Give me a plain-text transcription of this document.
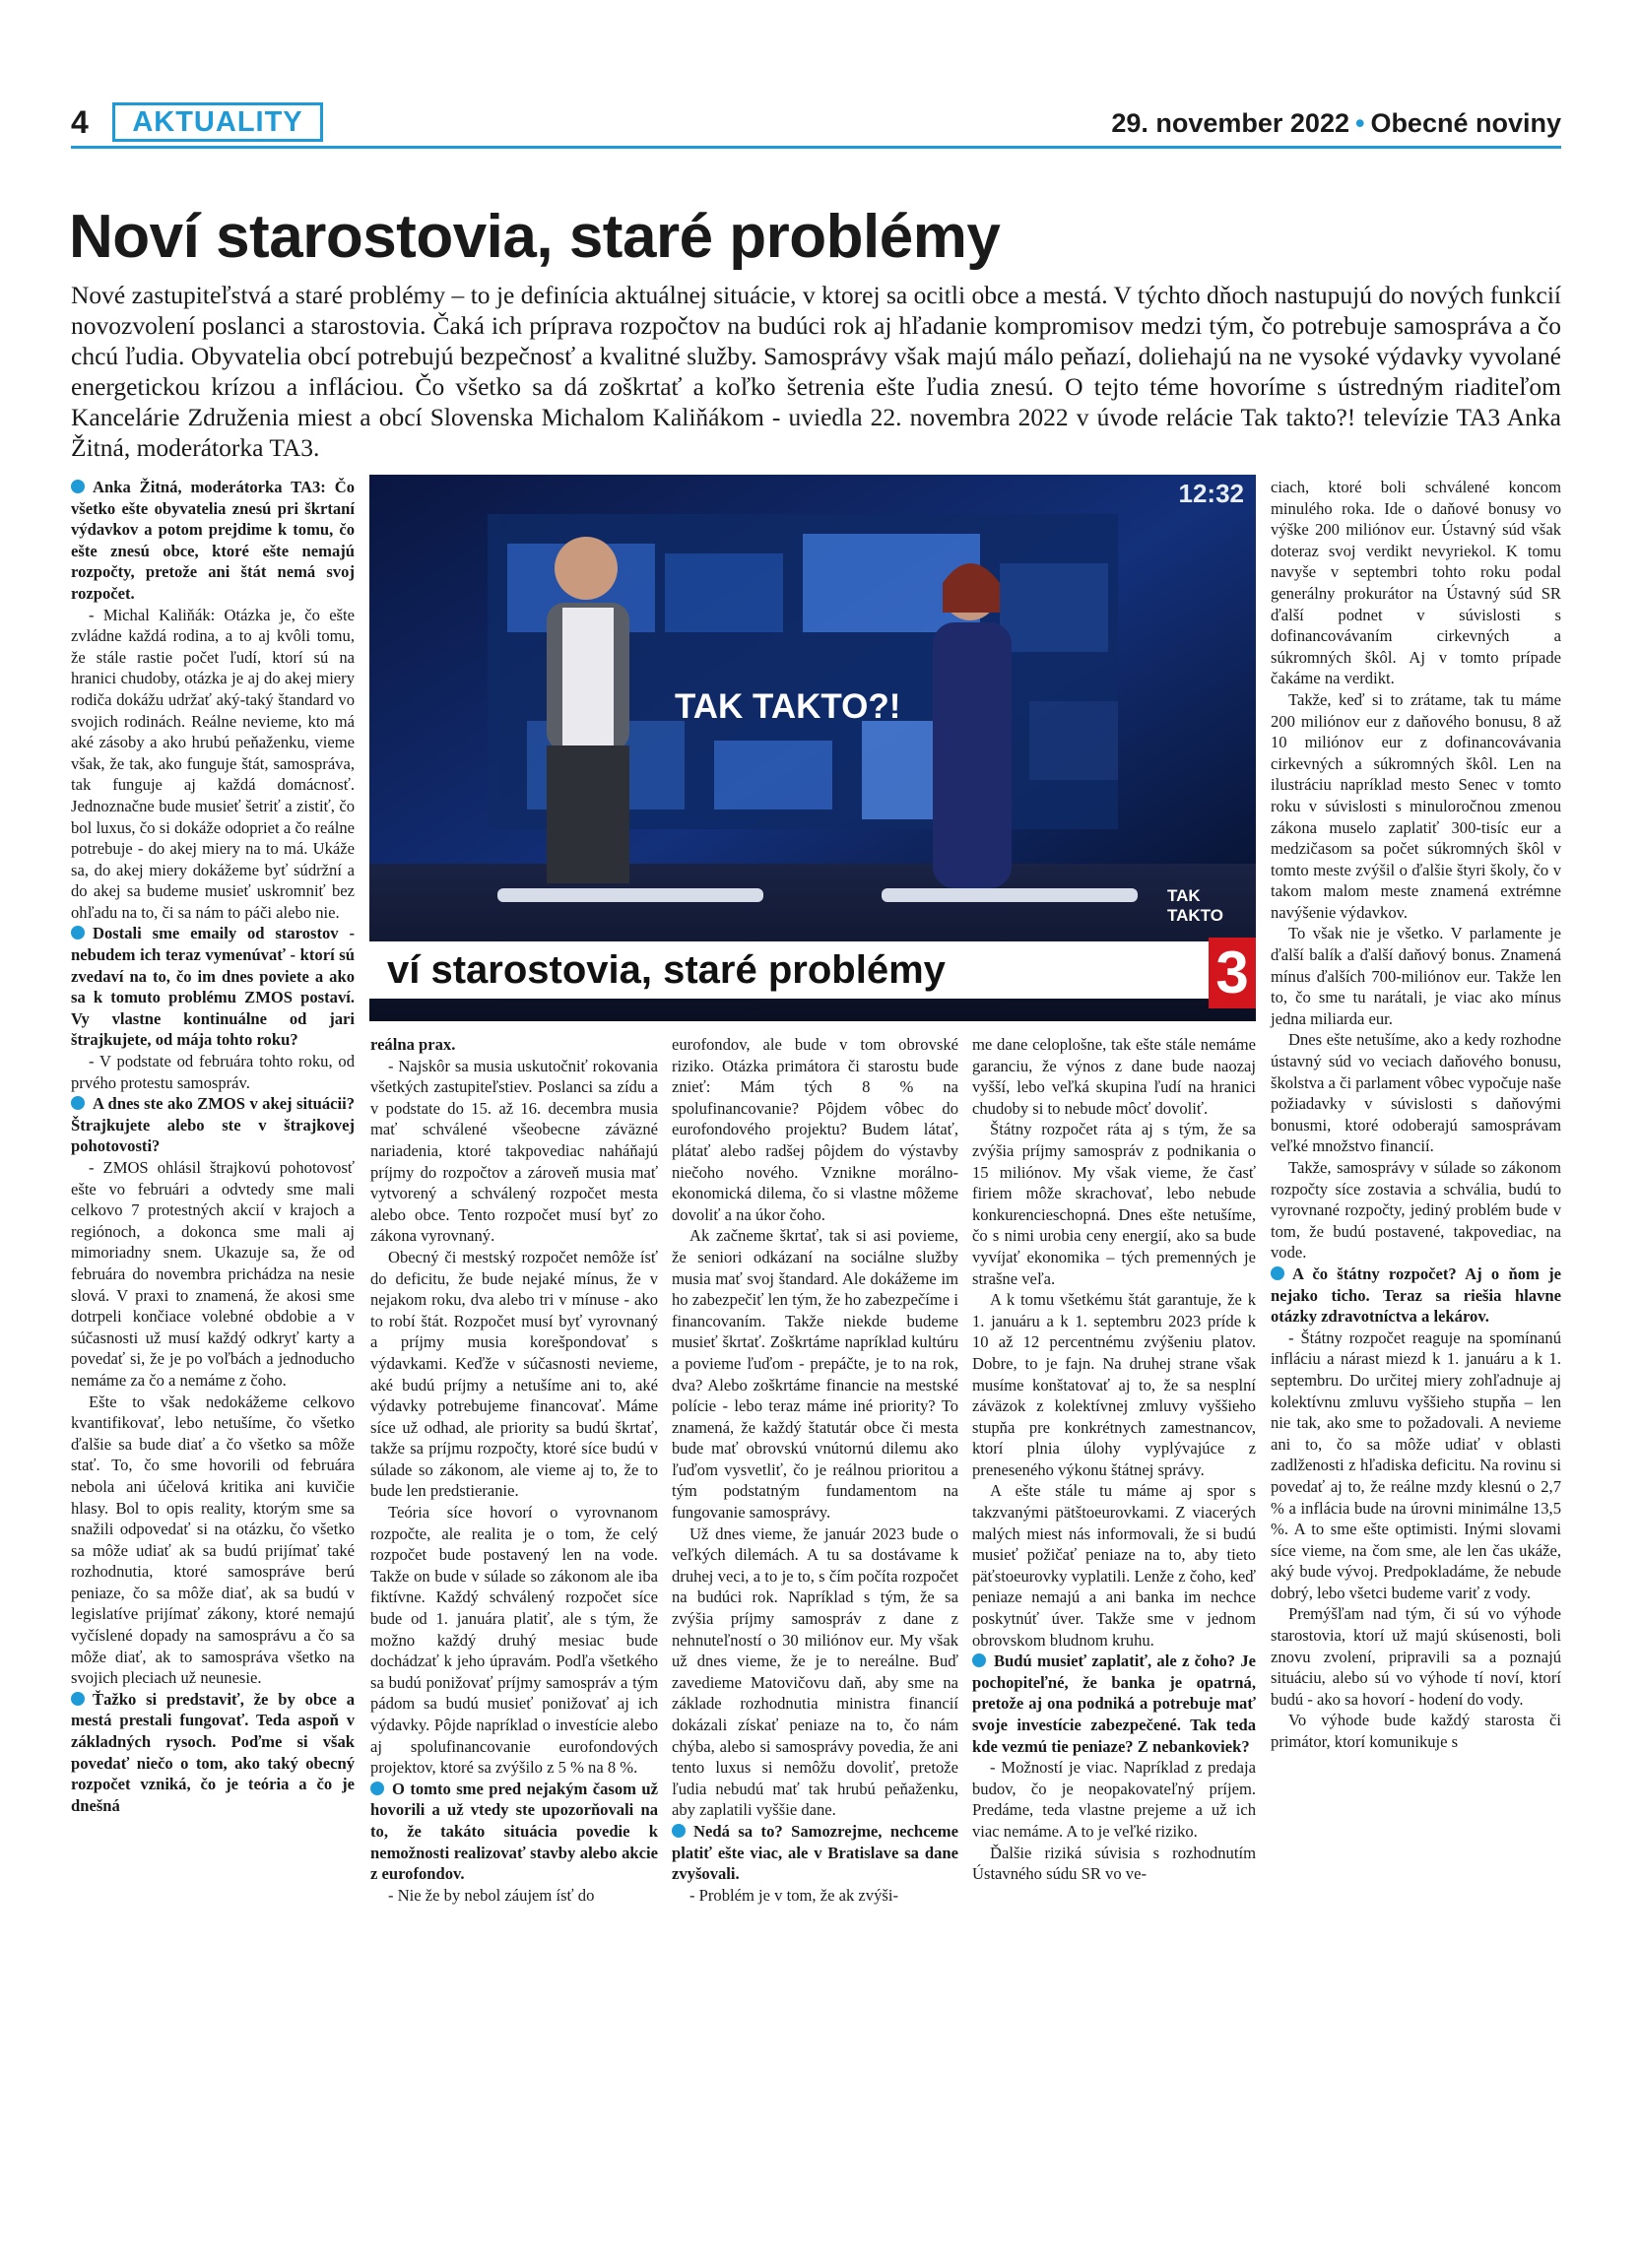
4	AKTUALITY	29. november 2022 • Obecné noviny
Noví starostovia, staré problémy
Nové zastupiteľstvá a staré problémy – to je definícia aktuálnej situácie, v ktorej sa ocitli obce a mestá. V týchto dňoch nastupujú do nových funkcií novozvolení poslanci a starostovia. Čaká ich príprava rozpočtov na budúci rok aj hľadanie kompromisov medzi tým, čo potrebuje samospráva a čo chcú ľudia. Obyvatelia obcí potrebujú bezpečnosť a kvalitné služby. Samosprávy však majú málo peňazí, doliehajú na ne vysoké výdavky vyvolané energetickou krízou a infláciou. Čo všetko sa dá zoškrtať a koľko šetrenia ešte ľudia znesú. O tejto téme hovoríme s ústredným riaditeľom Kancelárie Združenia miest a obcí Slovenska Michalom Kaliňákom - uviedla 22. novembra 2022 v úvode relácie Tak takto?! televízie TA3 Anka Žitná, moderátorka TA3.
12:32
TAK TAKTO?!
TAK TAKTO
ví starostovia, staré problémy	3

Anka Žitná, moderátorka TA3: Čo všetko ešte obyvatelia znesú pri škrtaní výdavkov a potom prejdime k tomu, čo ešte znesú obce, ktoré ešte nemajú rozpočty, pretože ani štát nemá svoj rozpočet.

- Michal Kaliňák: Otázka je, čo ešte zvládne každá rodina, a to aj kvôli tomu, že stále rastie počet ľudí, ktorí sú na hranici chudoby, otázka je aj do akej miery rodiča dokážu udržať aký-taký štandard vo svojich rodinách. Reálne nevieme, kto má aké zásoby a ako hrubú peňaženku, vieme však, že tak, ako funguje štát, samospráva, tak funguje aj každá domácnosť. Jednoznačne bude musieť šetriť a zistiť, čo bol luxus, čo si dokáže odopriet a čo reálne potrebuje - do akej miery na to má. Ukáže sa, do akej miery dokážeme byť súdržní a do akej sa budeme musieť uskromniť bez ohľadu na to, či sa nám to páči alebo nie.

Dostali sme emaily od starostov - nebudem ich teraz vymenúvať - ktorí sú zvedaví na to, čo im dnes poviete a ako sa k tomuto problému ZMOS postaví. Vy vlastne kontinuálne od jari štrajkujete, od mája tohto roku?

- V podstate od februára tohto roku, od prvého protestu samospráv.

A dnes ste ako ZMOS v akej situácii? Štrajkujete alebo ste v štrajkovej pohotovosti?

- ZMOS ohlásil štrajkovú pohotovosť ešte vo februári a odvtedy sme mali celkovo 7 protestných akcií v krajoch a regiónoch, a dokonca sme mali aj mimoriadny snem. Ukazuje sa, že od februára do novembra prichádza na nesie slová. V praxi to znamená, že akosi sme dotrpeli končiace volebné obdobie a v súčasnosti už musí každý odkryť karty a povedať si, že je po voľbách a jednoducho nemáme za čo a nemáme z čoho.

Ešte to však nedokážeme celkovo kvantifikovať, lebo netušíme, čo všetko ďalšie sa bude diať a čo všetko sa môže stať. To, čo sme hovorili od februára nebola ani účelová kritika ani kuvičie hlasy. Bol to opis reality, ktorým sme sa snažili odpovedať si na otázku, čo všetko sa môže udiať ak sa budú prijímať také rozhodnutia, ktoré samospráve berú peniaze, čo sa môže diať, ak sa budú v legislatíve prijímať zákony, ktoré nemajú vyčíslené dopady na samosprávu a čo sa môže diať, ak to samospráva všetko na svojich pleciach už neunesie.

Ťažko si predstaviť, že by obce a mestá prestali fungovať. Teda aspoň v základných rysoch. Poďme si však povedať niečo o tom, ako taký obecný rozpočet vzniká, čo je teória a čo je dnešná

reálna prax.

- Najskôr sa musia uskutočniť rokovania všetkých zastupiteľstiev. Poslanci sa zídu a v podstate do 15. až 16. decembra musia mať schválené všeobecne záväzné nariadenia, ktoré takpovediac naháňajú príjmy do rozpočtov a zároveň musia mať vytvorený a schválený rozpočet mesta alebo obce. Tento rozpočet musí byť zo zákona vyrovnaný.

Obecný či mestský rozpočet nemôže ísť do deficitu, že bude nejaké mínus, že v nejakom roku, dva alebo tri v mínuse - ako to robí štát. Rozpočet musí byť vyrovnaný a príjmy musia korešpondovať s výdavkami. Keďže v súčasnosti nevieme, aké budú príjmy a netušíme ani to, aké výdavky potrebujeme financovať. Máme síce už odhad, ale priority sa budú škrtať, takže sa príjmu rozpočty, ktoré síce budú v súlade so zákonom, ale vieme aj to, že to bude len predstieranie.

Teória síce hovorí o vyrovnanom rozpočte, ale realita je o tom, že celý rozpočet bude postavený len na vode. Takže on bude v súlade so zákonom ale iba fiktívne. Každý schválený rozpočet síce bude od 1. januára platiť, ale s tým, že možno každý druhý mesiac bude dochádzať k jeho úpravám. Podľa všetkého sa budú ponižovať príjmy samospráv a tým pádom sa budú musieť ponižovať aj ich výdavky. Pôjde napríklad o investície alebo aj spolufinancovanie eurofondových projektov, ktoré sa zvýšilo z 5 % na 8 %.

O tomto sme pred nejakým časom už hovorili a už vtedy ste upozorňovali na to, že takáto situácia povedie k nemožnosti realizovať stavby alebo akcie z eurofondov.

- Nie že by nebol záujem ísť do

eurofondov, ale bude v tom obrovské riziko. Otázka primátora či starostu bude znieť: Mám tých 8 % na spolufinancovanie? Pôjdem vôbec do eurofondového projektu? Budem látať, plátať alebo radšej pôjdem do výstavby niečoho nového. Vznikne morálno-ekonomická dilema, čo si vlastne môžeme dovoliť a na úkor čoho.

Ak začneme škrtať, tak si asi povieme, že seniori odkázaní na sociálne služby musia mať svoj štandard. Ale dokážeme im ho zabezpečiť len tým, že ho zabezpečíme i financovaním. Takže niekde budeme musieť škrtať. Zoškrtáme napríklad kultúru a povieme ľuďom - prepáčte, je to na rok, dva? Alebo zoškrtáme financie na mestské polície - lebo teraz máme iné priority? To znamená, že každý štatutár obce či mesta bude mať obrovskú vnútornú dilemu ako ľuďom vysvetliť, čo je reálnou prioritou a tým podstatným fundamentom na fungovanie samosprávy.

Už dnes vieme, že január 2023 bude o veľkých dilemách. A tu sa dostávame k druhej veci, a to je to, s čím počíta rozpočet na budúci rok. Napríklad s tým, že sa zvýšia príjmy samospráv z dane z nehnuteľností o 30 miliónov eur. My však už dnes vieme, že je to nereálne. Buď zavedieme Matovičovu daň, aby sme na základe rozhodnutia ministra financií dokázali získať peniaze na to, čo nám chýba, alebo si samosprávy povedia, že ani tento luxus si nemôžu dovoliť, pretože ľudia nebudú mať tak hrubú peňaženku, aby zaplatili vyššie dane.

Nedá sa to? Samozrejme, nechceme platiť ešte viac, ale v Bratislave sa dane zvyšovali.

- Problém je v tom, že ak zvýši-

me dane celoplošne, tak ešte stále nemáme garanciu, že výnos z dane bude naozaj vyšší, lebo veľká skupina ľudí na hranici chudoby si to nebude môcť dovoliť.

Štátny rozpočet ráta aj s tým, že sa zvýšia príjmy samospráv z podnikania o 15 miliónov. My však vieme, že časť firiem môže skrachovať, lebo nebude konkurencieschopná. Dnes ešte netušíme, čo s nimi urobia ceny energií, ako sa bude vyvíjať ekonomika – tých premenných je strašne veľa.

A k tomu všetkému štát garantuje, že k 1. januáru a k 1. septembru 2023 príde k 10 až 12 percentnému zvýšeniu platov. Dobre, to je fajn. Na druhej strane však musíme konštatovať aj to, že sa nesplní záväzok z kolektívnej zmluvy vyššieho stupňa pre konkrétnych zamestnancov, ktorí plnia úlohy vyplývajúce z preneseného výkonu štátnej správy.

A ešte stále tu máme aj spor s takzvanými pätštoeurovkami. Z viacerých malých miest nás informovali, že si budú musieť požičať peniaze na to, aby tieto päťstoeurovky vyplatili. Lenže z čoho, keď peniaze nemajú a ani banka im nechce poskytnúť úver. Takže sme v jednom obrovskom bludnom kruhu.

Budú musieť zaplatiť, ale z čoho? Je pochopiteľné, že banka je opatrná, pretože aj ona podniká a potrebuje mať svoje investície zabezpečené. Tak teda kde vezmú tie peniaze? Z nebankoviek?

- Možností je viac. Napríklad z predaja budov, čo je neopakovateľný príjem. Predáme, teda vlastne prejeme a už ich viac nemáme. A to je veľké riziko.

Ďalšie riziká súvisia s rozhodnutím Ústavného súdu SR vo ve-

ciach, ktoré boli schválené koncom minulého roka. Ide o daňové bonusy vo výške 200 miliónov eur. Ústavný súd však doteraz svoj verdikt nevyriekol. K tomu navyše v septembri tohto roku podal generálny prokurátor na Ústavný súd SR ďalší podnet v súvislosti s dofinancovávaním cirkevných a súkromných škôl. Aj v tomto prípade čakáme na verdikt.

Takže, keď si to zrátame, tak tu máme 200 miliónov eur z daňového bonusu, 8 až 10 miliónov eur z dofinancovávania cirkevných a súkromných škôl. Len na ilustráciu napríklad mesto Senec v tomto roku v súvislosti s minuloročnou zmenou zákona muselo zaplatiť 300-tisíc eur a medzičasom sa počet súkromných škôl v tomto meste zvýšil o ďalšie štyri školy, čo v takom malom meste znamená extrémne navýšenie výdavkov.

To však nie je všetko. V parlamente je ďalší balík a ďalší daňový bonus. Znamená mínus ďalších 700-miliónov eur. Takže len to, čo sme tu narátali, je viac ako mínus jedna miliarda eur.

Dnes ešte netušíme, ako a kedy rozhodne ústavný súd vo veciach daňového bonusu, školstva a či parlament vôbec vypočuje naše požiadavky v súvislosti s daňovými bonusmi, ktoré odoberajú samosprávam veľké množstvo financií.

Takže, samosprávy v súlade so zákonom rozpočty síce zostavia a schvália, budú to vyrovnané rozpočty, jediný problém bude v tom, že budú postavené, takpovediac, na vode.

A čo štátny rozpočet? Aj o ňom je nejako ticho. Teraz sa riešia hlavne otázky zdravotníctva a lekárov.

- Štátny rozpočet reaguje na spomínanú infláciu a nárast miezd k 1. januáru a k 1. septembru. Do určitej miery zohľadnuje aj kolektívnu zmluvu vyššieho stupňa – len nie tak, ako sme to požadovali. A nevieme ani to, čo sa môže udiať v oblasti zadlženosti z hľadiska deficitu. Na rovinu si povedať aj to, že reálne mzdy klesnú o 2,7 % a inflácia bude na úrovni minimálne 13,5 %. A to sme ešte optimisti. Inými slovami síce vieme, na čom sme, ale len čas ukáže, aký bude vývoj. Predpokladáme, že nebude dobrý, lebo všetci budeme variť z vody.

Premýšľam nad tým, či sú vo výhode starostovia, ktorí už majú skúsenosti, boli znovu zvolení, pripravili sa a poznajú situáciu, alebo sú vo výhode tí noví, ktorí budú - ako sa hovorí - hodení do vody.

Vo výhode bude každý starosta či primátor, ktorí komunikuje s
